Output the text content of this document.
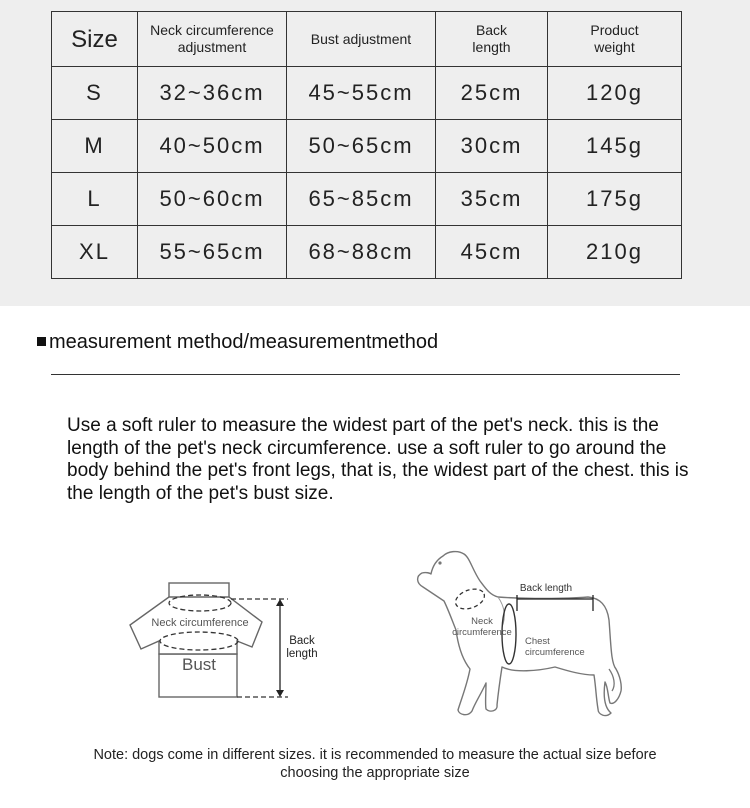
Size	Neck circumference adjustment	Bust adjustment	Back length	Product weight
S	32~36cm	45~55cm	25cm	120g
M	40~50cm	50~65cm	30cm	145g
L	50~60cm	65~85cm	35cm	175g
XL	55~65cm	68~88cm	45cm	210g
measurement method/measurementmethod

Use a soft ruler to measure the widest part of the pet's neck. this is the length of the pet's neck circumference. use a soft ruler to go around the body behind the pet's front legs, that is, the widest part of the chest. this is the length of the pet's bust size.

Neck circumference
Bust
Back
length
Back length
Neck
circumference
Chest
circumference

Note: dogs come in different sizes. it is recommended to measure the actual size before choosing the appropriate size
